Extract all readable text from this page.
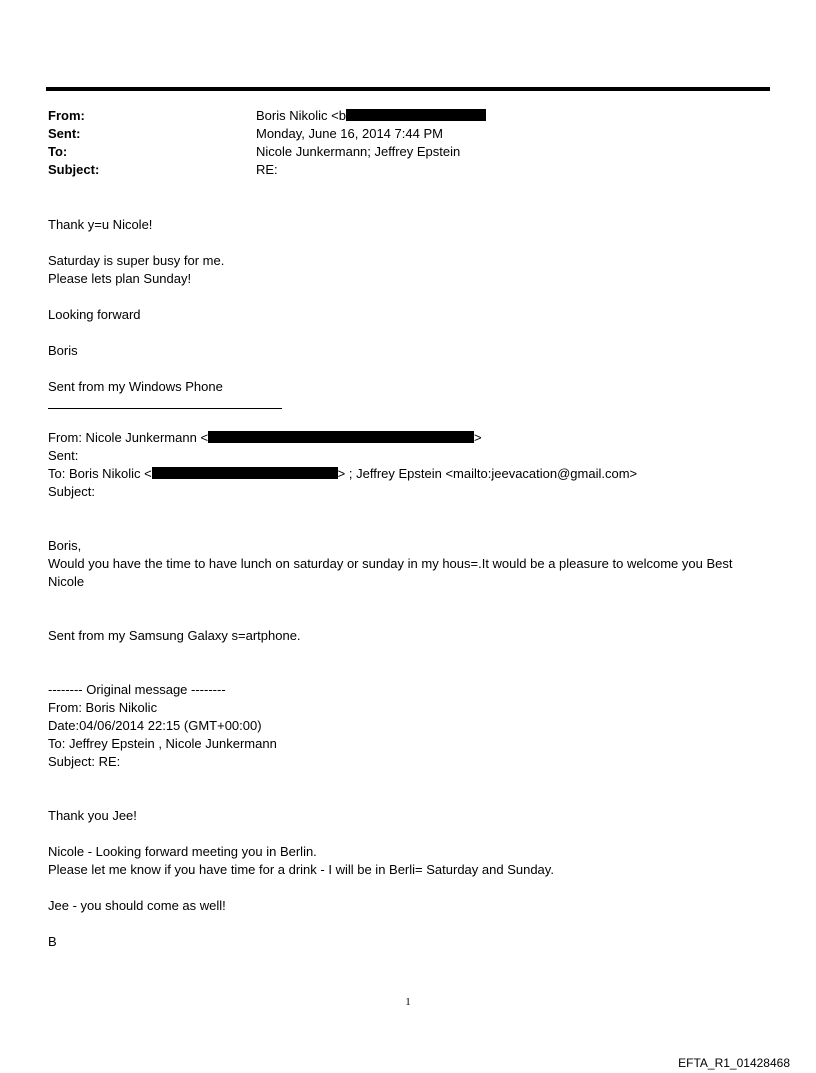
From:	Boris Nikolic <b
Sent:	Monday, June 16, 2014 7:44 PM
To:	Nicole Junkermann; Jeffrey Epstein
Subject:	RE:

Thank y=u Nicole!

Saturday is super busy for me.

Please lets plan Sunday!

Looking forward

Boris

Sent from my Windows Phone

From: Nicole Junkermann <	>

Sent:

To: Boris Nikolic <	> ; Jeffrey Epstein <mailto:jeevacation@gmail.com>

Subject:

Boris,

Would you have the time to have lunch on saturday or sunday in my hous=.It would be a pleasure to welcome you Best Nicole

Sent from my Samsung Galaxy s=artphone.

-------- Original message --------

From: Boris Nikolic

Date:04/06/2014 22:15 (GMT+00:00)

To: Jeffrey Epstein , Nicole Junkermann

Subject: RE:

Thank you Jee!

Nicole - Looking forward meeting you in Berlin.

Please let me know if you have time for a drink - I will be in Berli= Saturday and Sunday.

Jee - you should come as well!

B

1
EFTA_R1_01428468
